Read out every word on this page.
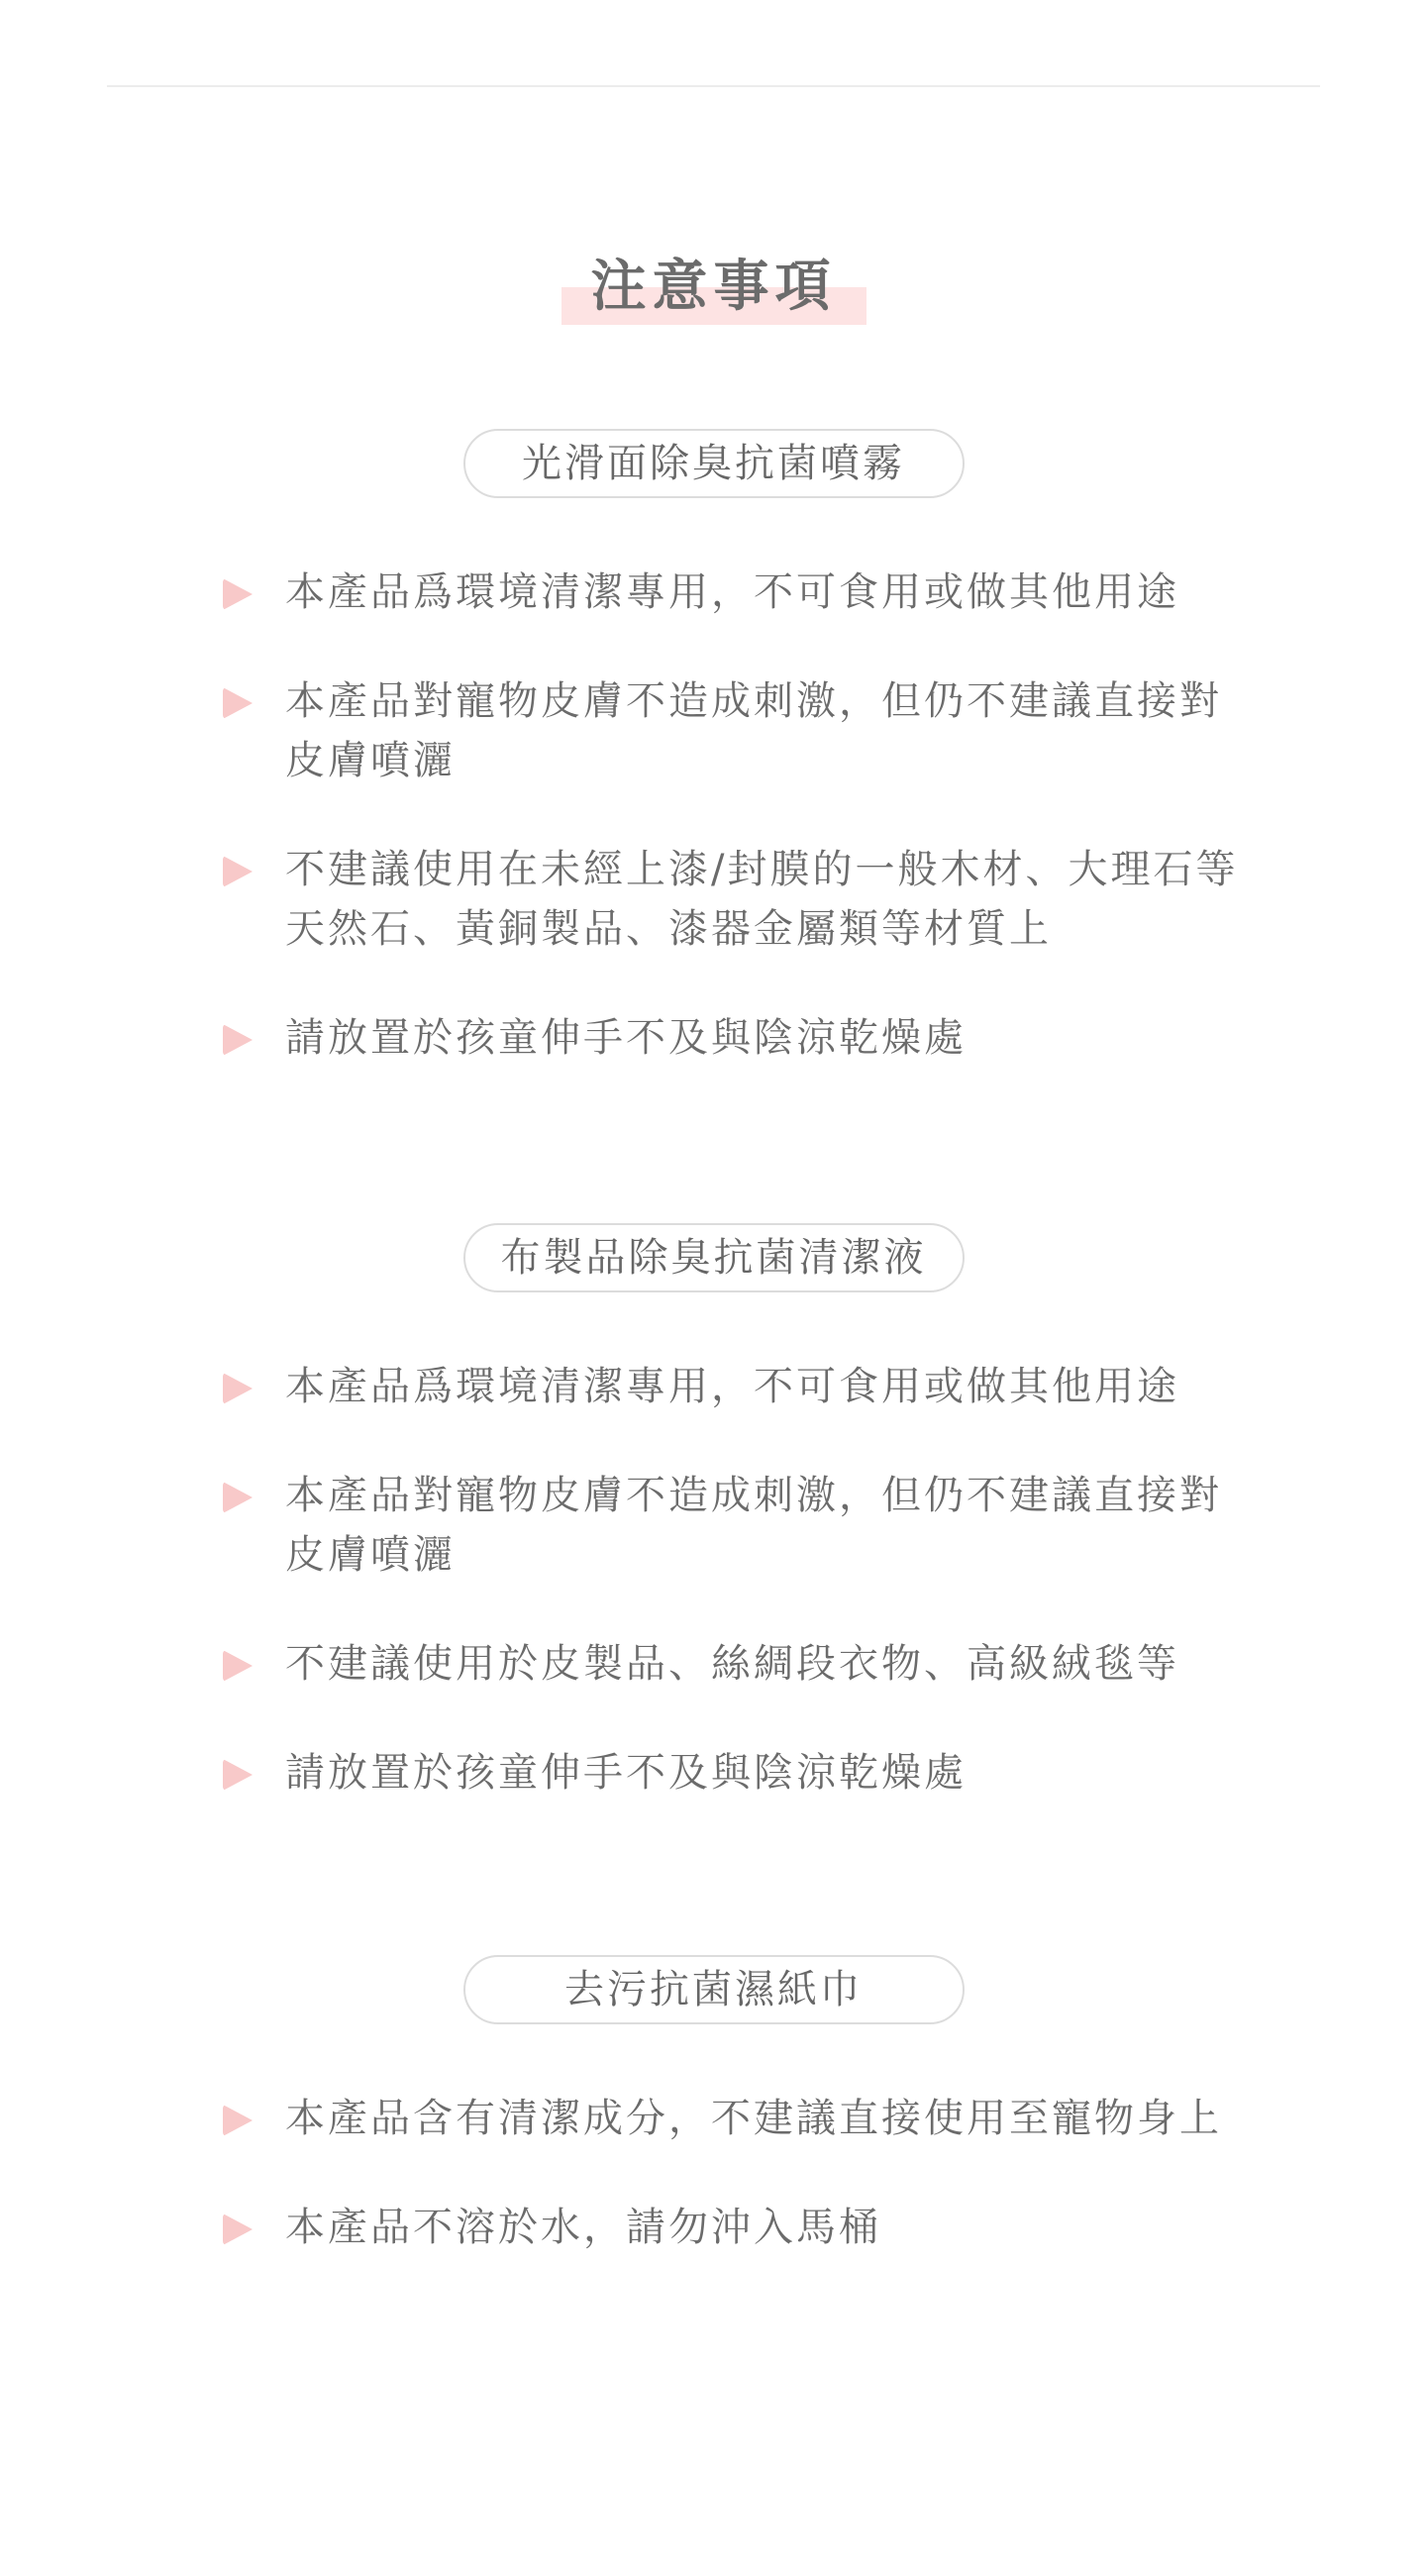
注意事項
光滑面除臭抗菌噴霧
本產品爲環境清潔專用，不可食用或做其他用途
本產品對寵物皮膚不造成刺激，但仍不建議直接對皮膚噴灑
不建議使用在未經上漆/封膜的一般木材、大理石等天然石、黃銅製品、漆器金屬類等材質上
請放置於孩童伸手不及與陰涼乾燥處
布製品除臭抗菌清潔液
本產品爲環境清潔專用，不可食用或做其他用途
本產品對寵物皮膚不造成刺激，但仍不建議直接對皮膚噴灑
不建議使用於皮製品、絲綢段衣物、高級絨毯等
請放置於孩童伸手不及與陰涼乾燥處
去污抗菌濕紙巾
本產品含有清潔成分，不建議直接使用至寵物身上
本產品不溶於水，請勿沖入馬桶
